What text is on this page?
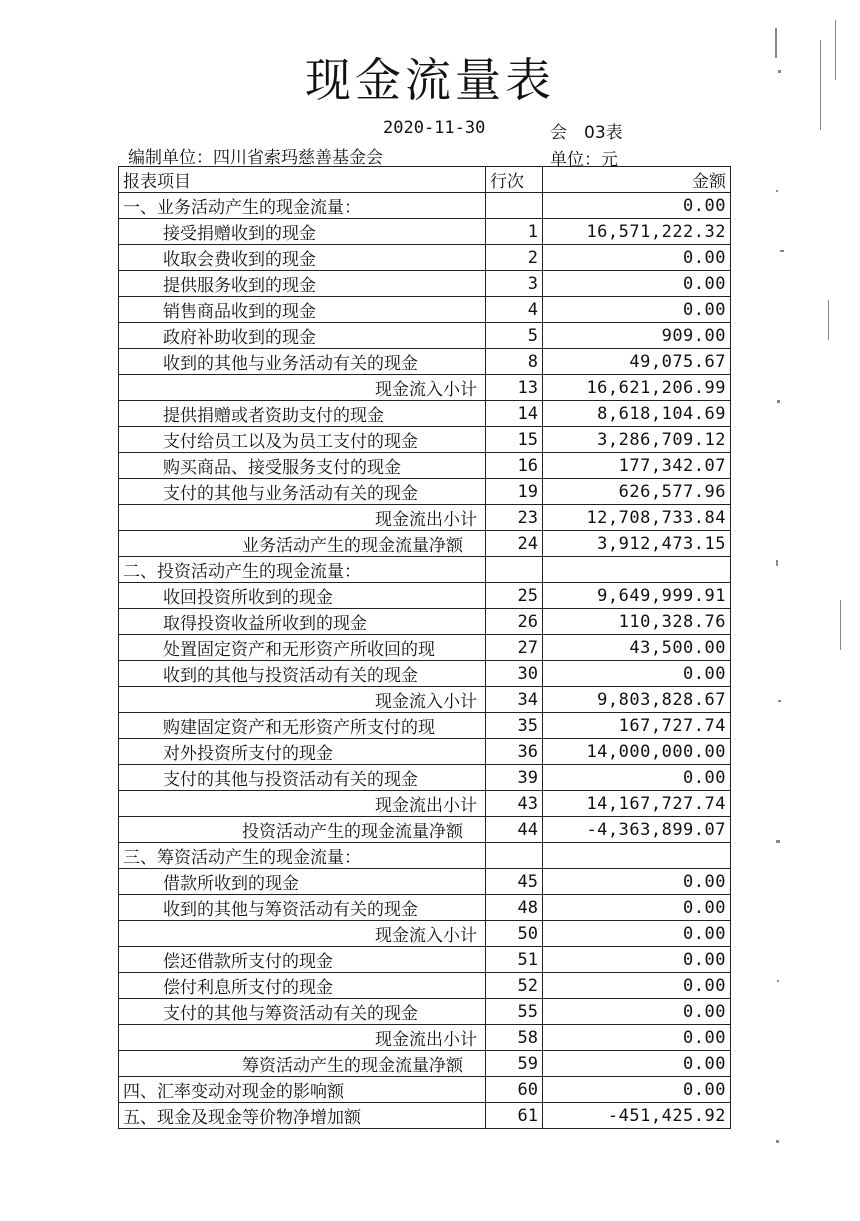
现金流量表
2020-11-30	会　03表
编制单位：四川省索玛慈善基金会	单位：元
报表项目	行次	金额
一、业务活动产生的现金流量：		0.00
接受捐赠收到的现金	1	16,571,222.32
收取会费收到的现金	2	0.00
提供服务收到的现金	3	0.00
销售商品收到的现金	4	0.00
政府补助收到的现金	5	909.00
收到的其他与业务活动有关的现金	8	49,075.67
现金流入小计	13	16,621,206.99
提供捐赠或者资助支付的现金	14	8,618,104.69
支付给员工以及为员工支付的现金	15	3,286,709.12
购买商品、接受服务支付的现金	16	177,342.07
支付的其他与业务活动有关的现金	19	626,577.96
现金流出小计	23	12,708,733.84
业务活动产生的现金流量净额	24	3,912,473.15
二、投资活动产生的现金流量：		
收回投资所收到的现金	25	9,649,999.91
取得投资收益所收到的现金	26	110,328.76
处置固定资产和无形资产所收回的现	27	43,500.00
收到的其他与投资活动有关的现金	30	0.00
现金流入小计	34	9,803,828.67
购建固定资产和无形资产所支付的现	35	167,727.74
对外投资所支付的现金	36	14,000,000.00
支付的其他与投资活动有关的现金	39	0.00
现金流出小计	43	14,167,727.74
投资活动产生的现金流量净额	44	-4,363,899.07
三、筹资活动产生的现金流量：		
借款所收到的现金	45	0.00
收到的其他与筹资活动有关的现金	48	0.00
现金流入小计	50	0.00
偿还借款所支付的现金	51	0.00
偿付利息所支付的现金	52	0.00
支付的其他与筹资活动有关的现金	55	0.00
现金流出小计	58	0.00
筹资活动产生的现金流量净额	59	0.00
四、汇率变动对现金的影响额	60	0.00
五、现金及现金等价物净增加额	61	-451,425.92
